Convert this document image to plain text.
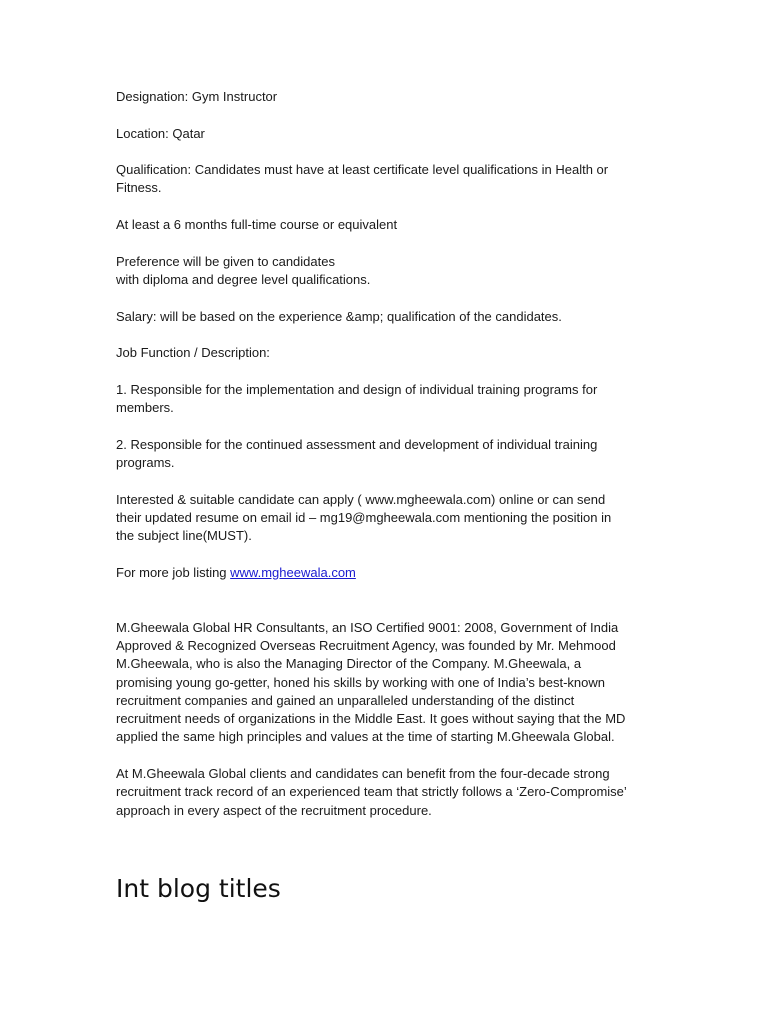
Designation: Gym Instructor

Location: Qatar

Qualification: Candidates must have at least certificate level qualifications in Health or
Fitness.

At least a 6 months full-time course or equivalent

Preference will be given to candidates
with diploma and degree level qualifications.

Salary: will be based on the experience &amp; qualification of the candidates.

Job Function / Description:

1. Responsible for the implementation and design of individual training programs for
members.

2. Responsible for the continued assessment and development of individual training
programs.

Interested & suitable candidate can apply ( www.mgheewala.com) online or can send
their updated resume on email id – mg19@mgheewala.com mentioning the position in
the subject line(MUST).

For more job listing www.mgheewala.com

M.Gheewala Global HR Consultants, an ISO Certified 9001: 2008, Government of India
Approved & Recognized Overseas Recruitment Agency, was founded by Mr. Mehmood
M.Gheewala, who is also the Managing Director of the Company. M.Gheewala, a
promising young go-getter, honed his skills by working with one of India’s best-known
recruitment companies and gained an unparalleled understanding of the distinct
recruitment needs of organizations in the Middle East. It goes without saying that the MD
applied the same high principles and values at the time of starting M.Gheewala Global.

At M.Gheewala Global clients and candidates can benefit from the four-decade strong
recruitment track record of an experienced team that strictly follows a ‘Zero-Compromise’
approach in every aspect of the recruitment procedure.

Int blog titles
